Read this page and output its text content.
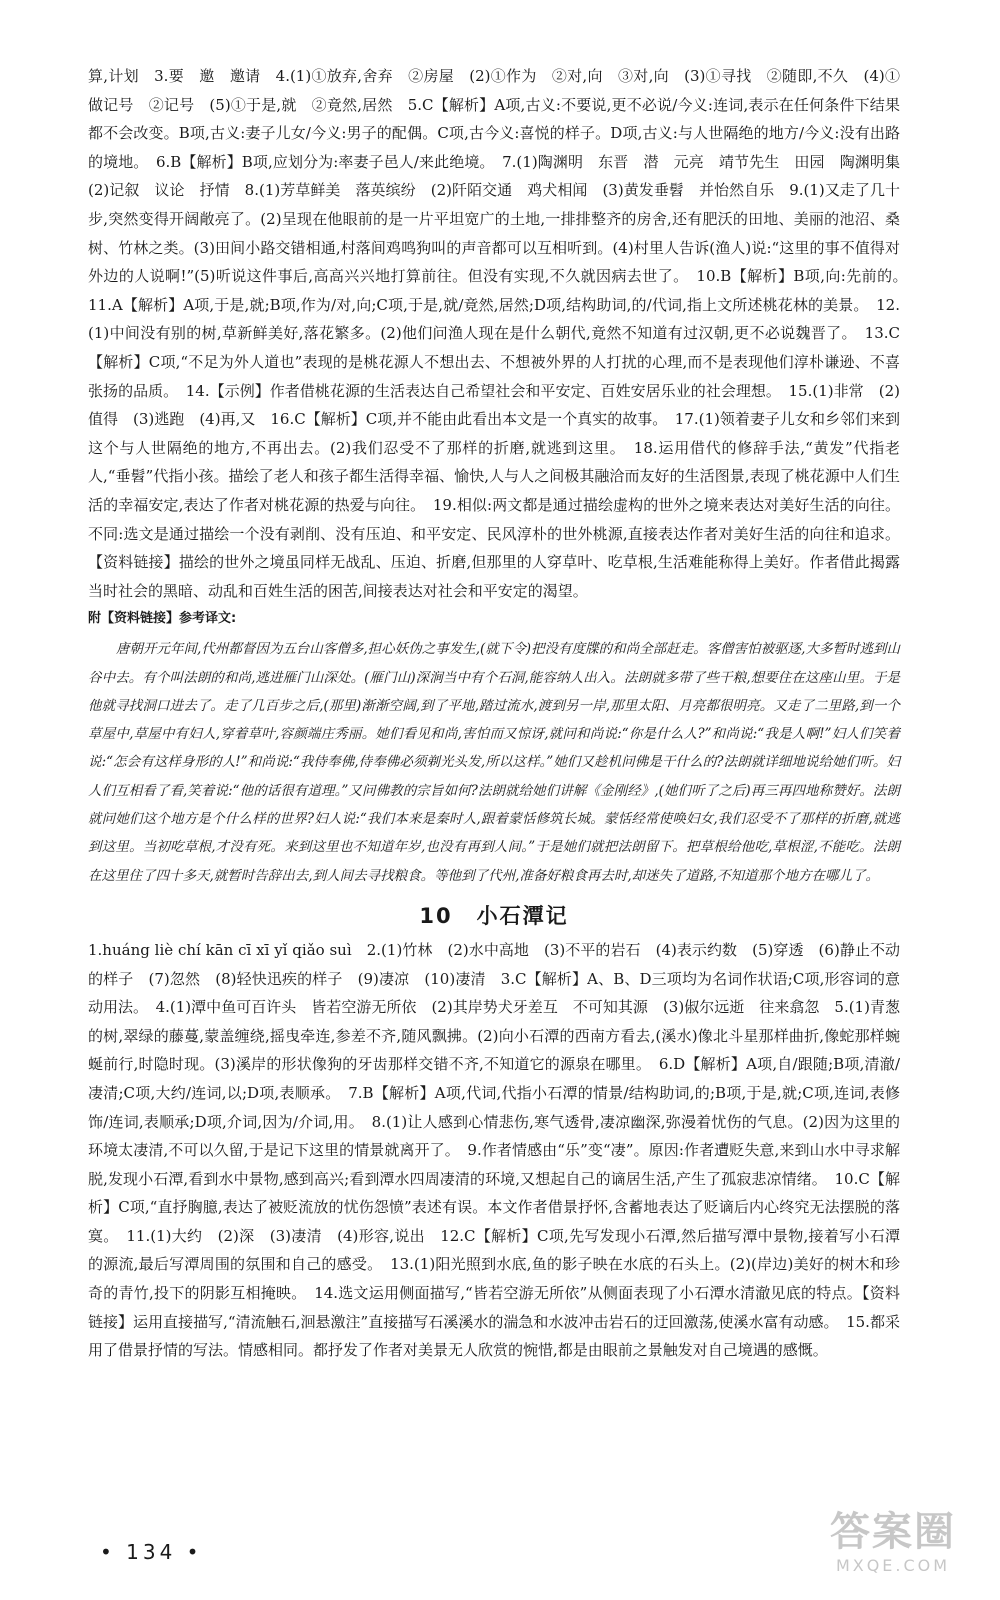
算,计划　3.要　邀　邀请　4.(1)①放弃,舍弃　②房屋　(2)①作为　②对,向　③对,向　(3)①寻找　②随即,不久　(4)①做记号　②记号　(5)①于是,就　②竟然,居然　5.C【解析】A项,古义:不要说,更不必说/今义:连词,表示在任何条件下结果都不会改变。B项,古义:妻子儿女/今义:男子的配偶。C项,古今义:喜悦的样子。D项,古义:与人世隔绝的地方/今义:没有出路的境地。　6.B【解析】B项,应划分为:率妻子邑人/来此绝境。　7.(1)陶渊明　东晋　潜　元亮　靖节先生　田园　陶渊明集　(2)记叙　议论　抒情　8.(1)芳草鲜美　落英缤纷　(2)阡陌交通　鸡犬相闻　(3)黄发垂髫　并怡然自乐　9.(1)又走了几十步,突然变得开阔敞亮了。(2)呈现在他眼前的是一片平坦宽广的土地,一排排整齐的房舍,还有肥沃的田地、美丽的池沼、桑树、竹林之类。(3)田间小路交错相通,村落间鸡鸣狗叫的声音都可以互相听到。(4)村里人告诉(渔人)说:“这里的事不值得对外边的人说啊!”(5)听说这件事后,高高兴兴地打算前往。但没有实现,不久就因病去世了。　10.B【解析】B项,向:先前的。　11.A【解析】A项,于是,就;B项,作为/对,向;C项,于是,就/竟然,居然;D项,结构助词,的/代词,指上文所述桃花林的美景。　12.(1)中间没有别的树,草新鲜美好,落花繁多。(2)他们问渔人现在是什么朝代,竟然不知道有过汉朝,更不必说魏晋了。　13.C【解析】C项,“不足为外人道也”表现的是桃花源人不想出去、不想被外界的人打扰的心理,而不是表现他们淳朴谦逊、不喜张扬的品质。　14.【示例】作者借桃花源的生活表达自己希望社会和平安定、百姓安居乐业的社会理想。　15.(1)非常　(2)值得　(3)逃跑　(4)再,又　16.C【解析】C项,并不能由此看出本文是一个真实的故事。　17.(1)领着妻子儿女和乡邻们来到这个与人世隔绝的地方,不再出去。(2)我们忍受不了那样的折磨,就逃到这里。　18.运用借代的修辞手法,“黄发”代指老人,“垂髫”代指小孩。描绘了老人和孩子都生活得幸福、愉快,人与人之间极其融洽而友好的生活图景,表现了桃花源中人们生活的幸福安定,表达了作者对桃花源的热爱与向往。　19.相似:两文都是通过描绘虚构的世外之境来表达对美好生活的向往。不同:选文是通过描绘一个没有剥削、没有压迫、和平安定、民风淳朴的世外桃源,直接表达作者对美好生活的向往和追求。【资料链接】描绘的世外之境虽同样无战乱、压迫、折磨,但那里的人穿草叶、吃草根,生活难能称得上美好。作者借此揭露当时社会的黑暗、动乱和百姓生活的困苦,间接表达对社会和平安定的渴望。

附【资料链接】参考译文:

唐朝开元年间,代州都督因为五台山客僧多,担心妖伪之事发生,(就下令)把没有度牒的和尚全部赶走。客僧害怕被驱逐,大多暂时逃到山谷中去。有个叫法朗的和尚,逃进雁门山深处。(雁门山)深涧当中有个石洞,能容纳人出入。法朗就多带了些干粮,想要住在这座山里。于是他就寻找洞口进去了。走了几百步之后,(那里)渐渐空阔,到了平地,踏过流水,渡到另一岸,那里太阳、月亮都很明亮。又走了二里路,到一个草屋中,草屋中有妇人,穿着草叶,容颜端庄秀丽。她们看见和尚,害怕而又惊讶,就问和尚说:“你是什么人?”和尚说:“我是人啊!”妇人们笑着说:“怎会有这样身形的人!”和尚说:“我侍奉佛,侍奉佛必须剃光头发,所以这样。”她们又趁机问佛是干什么的?法朗就详细地说给她们听。妇人们互相看了看,笑着说:“他的话很有道理。”又问佛教的宗旨如何?法朗就给她们讲解《金刚经》,(她们听了之后)再三再四地称赞好。法朗就问她们这个地方是个什么样的世界?妇人说:“我们本来是秦时人,跟着蒙恬修筑长城。蒙恬经常使唤妇女,我们忍受不了那样的折磨,就逃到这里。当初吃草根,才没有死。来到这里也不知道年岁,也没有再到人间。”于是她们就把法朗留下。把草根给他吃,草根涩,不能吃。法朗在这里住了四十多天,就暂时告辞出去,到人间去寻找粮食。等他到了代州,准备好粮食再去时,却迷失了道路,不知道那个地方在哪儿了。

10 小石潭记

1.huáng liè chí kān cī xī yǐ qiǎo suì　2.(1)竹林　(2)水中高地　(3)不平的岩石　(4)表示约数　(5)穿透　(6)静止不动的样子　(7)忽然　(8)轻快迅疾的样子　(9)凄凉　(10)凄清　3.C【解析】A、B、D三项均为名词作状语;C项,形容词的意动用法。　4.(1)潭中鱼可百许头　皆若空游无所依　(2)其岸势犬牙差互　不可知其源　(3)俶尔远逝　往来翕忽　5.(1)青葱的树,翠绿的藤蔓,蒙盖缠绕,摇曳牵连,参差不齐,随风飘拂。(2)向小石潭的西南方看去,(溪水)像北斗星那样曲折,像蛇那样蜿蜒前行,时隐时现。(3)溪岸的形状像狗的牙齿那样交错不齐,不知道它的源泉在哪里。　6.D【解析】A项,自/跟随;B项,清澈/凄清;C项,大约/连词,以;D项,表顺承。　7.B【解析】A项,代词,代指小石潭的情景/结构助词,的;B项,于是,就;C项,连词,表修饰/连词,表顺承;D项,介词,因为/介词,用。　8.(1)让人感到心情悲伤,寒气透骨,凄凉幽深,弥漫着忧伤的气息。(2)因为这里的环境太凄清,不可以久留,于是记下这里的情景就离开了。　9.作者情感由“乐”变“凄”。原因:作者遭贬失意,来到山水中寻求解脱,发现小石潭,看到水中景物,感到高兴;看到潭水四周凄清的环境,又想起自己的谪居生活,产生了孤寂悲凉情绪。　10.C【解析】C项,“直抒胸臆,表达了被贬流放的忧伤怨愤”表述有误。本文作者借景抒怀,含蓄地表达了贬谪后内心终究无法摆脱的落寞。　11.(1)大约　(2)深　(3)凄清　(4)形容,说出　12.C【解析】C项,先写发现小石潭,然后描写潭中景物,接着写小石潭的源流,最后写潭周围的氛围和自己的感受。　13.(1)阳光照到水底,鱼的影子映在水底的石头上。(2)(岸边)美好的树木和珍奇的青竹,投下的阴影互相掩映。　14.选文运用侧面描写,“皆若空游无所依”从侧面表现了小石潭水清澈见底的特点。【资料链接】运用直接描写,“清流触石,洄悬激注”直接描写石溪溪水的湍急和水波冲击岩石的迂回激荡,使溪水富有动感。　15.都采用了借景抒情的写法。情感相同。都抒发了作者对美景无人欣赏的惋惜,都是由眼前之景触发对自己境遇的感慨。

• 134 •	答案圈
MXQE.COM
